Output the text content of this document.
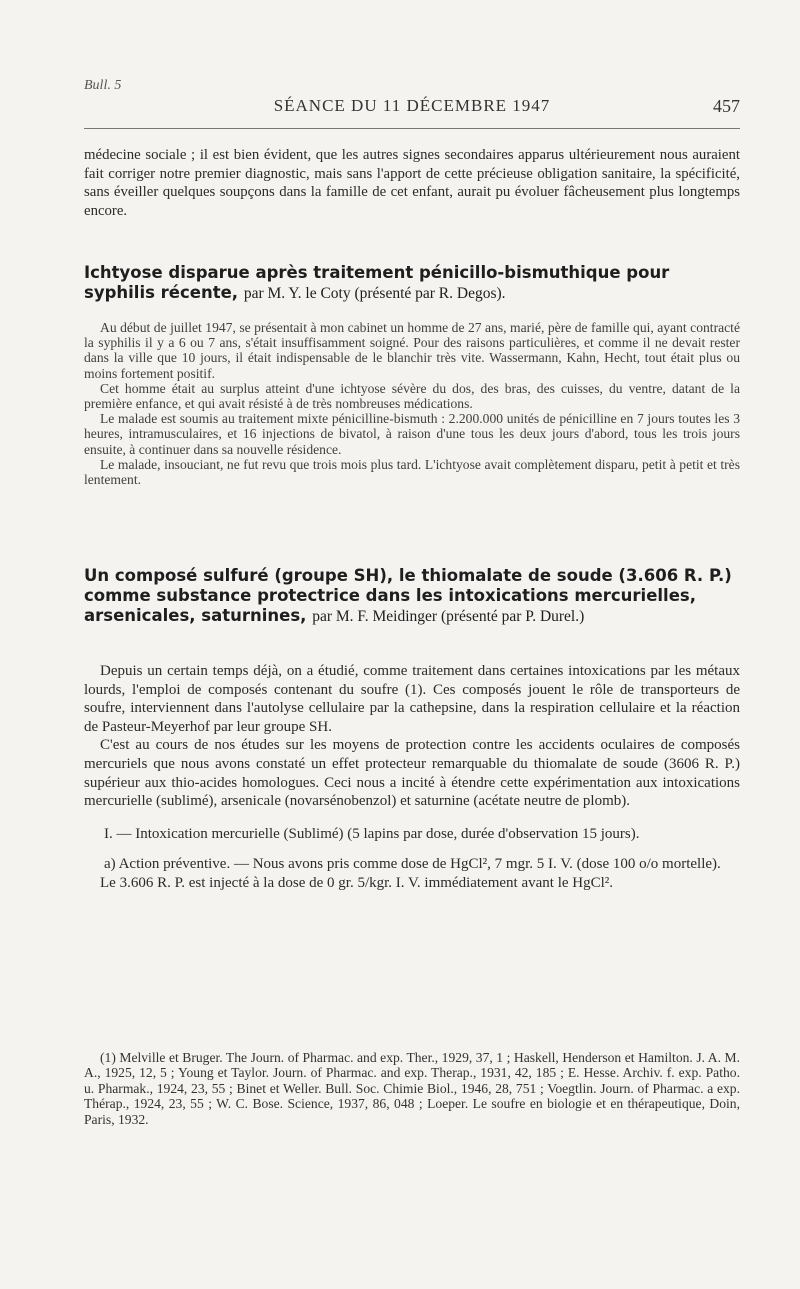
Bull. 5
SÉANCE DU 11 DÉCEMBRE 1947	457

médecine sociale ; il est bien évident, que les autres signes secondaires apparus ultérieurement nous auraient fait corriger notre premier diagnostic, mais sans l'apport de cette précieuse obligation sanitaire, la spécificité, sans éveiller quelques soupçons dans la famille de cet enfant, aurait pu évoluer fâcheusement plus longtemps encore.

Ichtyose disparue après traitement pénicillo-bismuthique pour syphilis récente, par M. Y. le Coty (présenté par R. Degos).

Au début de juillet 1947, se présentait à mon cabinet un homme de 27 ans, marié, père de famille qui, ayant contracté la syphilis il y a 6 ou 7 ans, s'était insuffisamment soigné. Pour des raisons particulières, et comme il ne devait rester dans la ville que 10 jours, il était indispensable de le blanchir très vite. Wassermann, Kahn, Hecht, tout était plus ou moins fortement positif.

Cet homme était au surplus atteint d'une ichtyose sévère du dos, des bras, des cuisses, du ventre, datant de la première enfance, et qui avait résisté à de très nombreuses médications.

Le malade est soumis au traitement mixte pénicilline-bismuth : 2.200.000 unités de pénicilline en 7 jours toutes les 3 heures, intramusculaires, et 16 injections de bivatol, à raison d'une tous les deux jours d'abord, tous les trois jours ensuite, à continuer dans sa nouvelle résidence.

Le malade, insouciant, ne fut revu que trois mois plus tard. L'ichtyose avait complètement disparu, petit à petit et très lentement.

Un composé sulfuré (groupe SH), le thiomalate de soude (3.606 R. P.) comme substance protectrice dans les intoxications mercurielles, arsenicales, saturnines, par M. F. Meidinger (présenté par P. Durel.)

Depuis un certain temps déjà, on a étudié, comme traitement dans certaines intoxications par les métaux lourds, l'emploi de composés contenant du soufre (1). Ces composés jouent le rôle de transporteurs de soufre, interviennent dans l'autolyse cellulaire par la cathepsine, dans la respiration cellulaire et la réaction de Pasteur-Meyerhof par leur groupe SH.

C'est au cours de nos études sur les moyens de protection contre les accidents oculaires de composés mercuriels que nous avons constaté un effet protecteur remarquable du thiomalate de soude (3606 R. P.) supérieur aux thio-acides homologues. Ceci nous a incité à étendre cette expérimentation aux intoxications mercurielle (sublimé), arsenicale (novarsénobenzol) et saturnine (acétate neutre de plomb).

I. — Intoxication mercurielle (Sublimé) (5 lapins par dose, durée d'observation 15 jours).

a) Action préventive. — Nous avons pris comme dose de HgCl², 7 mgr. 5 I. V. (dose 100 o/o mortelle).

Le 3.606 R. P. est injecté à la dose de 0 gr. 5/kgr. I. V. immédiatement avant le HgCl².

(1) Melville et Bruger. The Journ. of Pharmac. and exp. Ther., 1929, 37, 1 ; Haskell, Henderson et Hamilton. J. A. M. A., 1925, 12, 5 ; Young et Taylor. Journ. of Pharmac. and exp. Therap., 1931, 42, 185 ; E. Hesse. Archiv. f. exp. Patho. u. Pharmak., 1924, 23, 55 ; Binet et Weller. Bull. Soc. Chimie Biol., 1946, 28, 751 ; Voegtlin. Journ. of Pharmac. a exp. Thérap., 1924, 23, 55 ; W. C. Bose. Science, 1937, 86, 048 ; Loeper. Le soufre en biologie et en thérapeutique, Doin, Paris, 1932.
